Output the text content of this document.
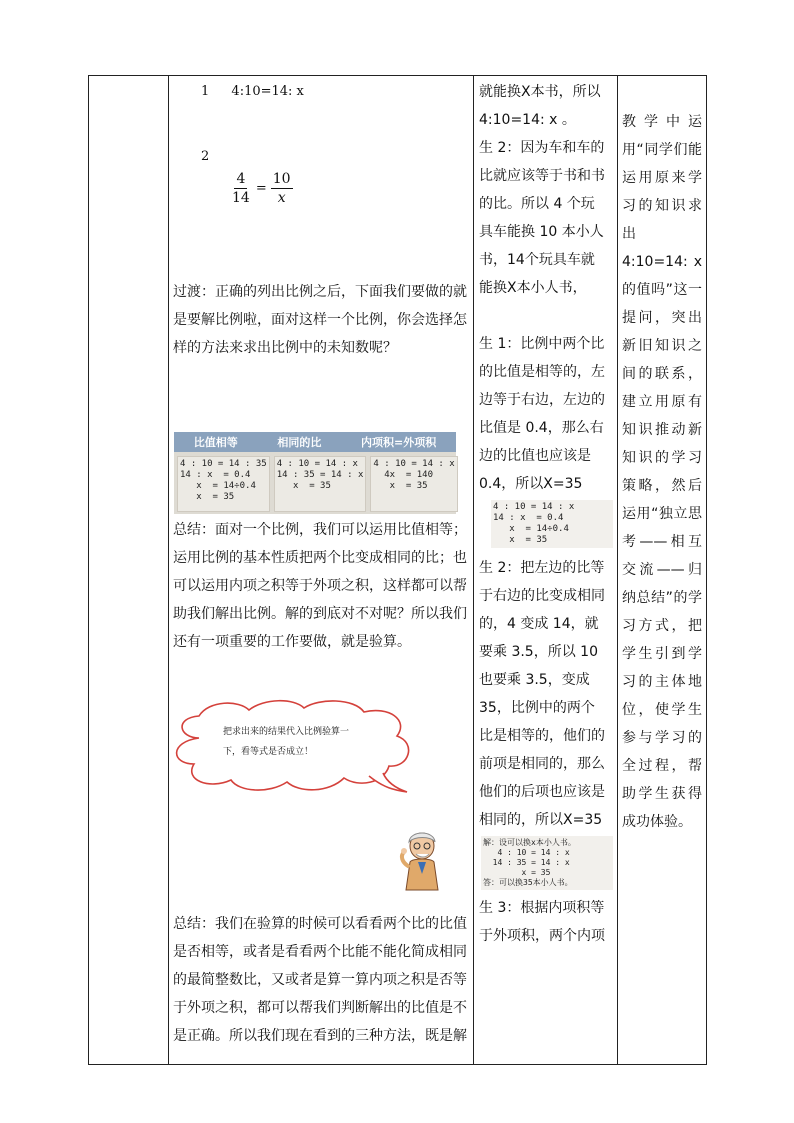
1 4:10=14: x
2
$\frac{4}{14} = \frac{10}{x}$

过渡：正确的列出比例之后，下面我们要做的就是要解比例啦，面对这样一个比例，你会选择怎样的方法来求出比例中的未知数呢？

比值相等	相同的比	内项积=外项积
4 : 10 = 14 : 35
14 : x  = 0.4
x  = 14÷0.4
x  = 35
4 : 10 = 14 : x
14 : 35 = 14 : x
x  = 35
4 : 10 = 14 : x
4x  = 140
x  = 35

总结：面对一个比例，我们可以运用比值相等；运用比例的基本性质把两个比变成相同的比；也可以运用内项之积等于外项之积，这样都可以帮助我们解出比例。解的到底对不对呢？所以我们还有一项重要的工作要做，就是验算。

把求出来的结果代入比例验算一
下，看等式是否成立！

总结：我们在验算的时候可以看看两个比的比值是否相等，或者是看看两个比能不能化简成相同的最简整数比，又或者是算一算内项之积是否等于外项之积，都可以帮我们判断解出的比值是不是正确。所以我们现在看到的三种方法，既是解

就能换X本书，所以4:10=14: x 。

生 2：因为车和车的比就应该等于书和书的比。所以 4 个玩具车能换 10 本小人书，14个玩具车就能换X本小人书，

生 1：比例中两个比的比值是相等的，左边等于右边，左边的比值是 0.4，那么右边的比值也应该是 0.4，所以X=35

4 : 10 = 14 : x
14 : x  = 0.4
x  = 14÷0.4
x  = 35

生 2：把左边的比等于右边的比变成相同的，4 变成 14，就要乘 3.5，所以 10 也要乘 3.5，变成 35，比例中的两个比是相等的，他们的前项是相同的，那么他们的后项也应该是相同的，所以X=35

解：设可以换x本小人书。
4 : 10 = 14 : x
14 : 35 = 14 : x
x = 35
答：可以换35本小人书。

生 3：根据内项积等于外项积，两个内项

教学中运用“同学们能运用原来学习的知识求出 4:10=14: x 的值吗”这一提问，突出新旧知识之间的联系，建立用原有知识推动新知识的学习策略，然后运用“独立思考——相互交流——归纳总结”的学习方式，把学生引到学习的主体地位，使学生参与学习的全过程，帮助学生获得成功体验。
